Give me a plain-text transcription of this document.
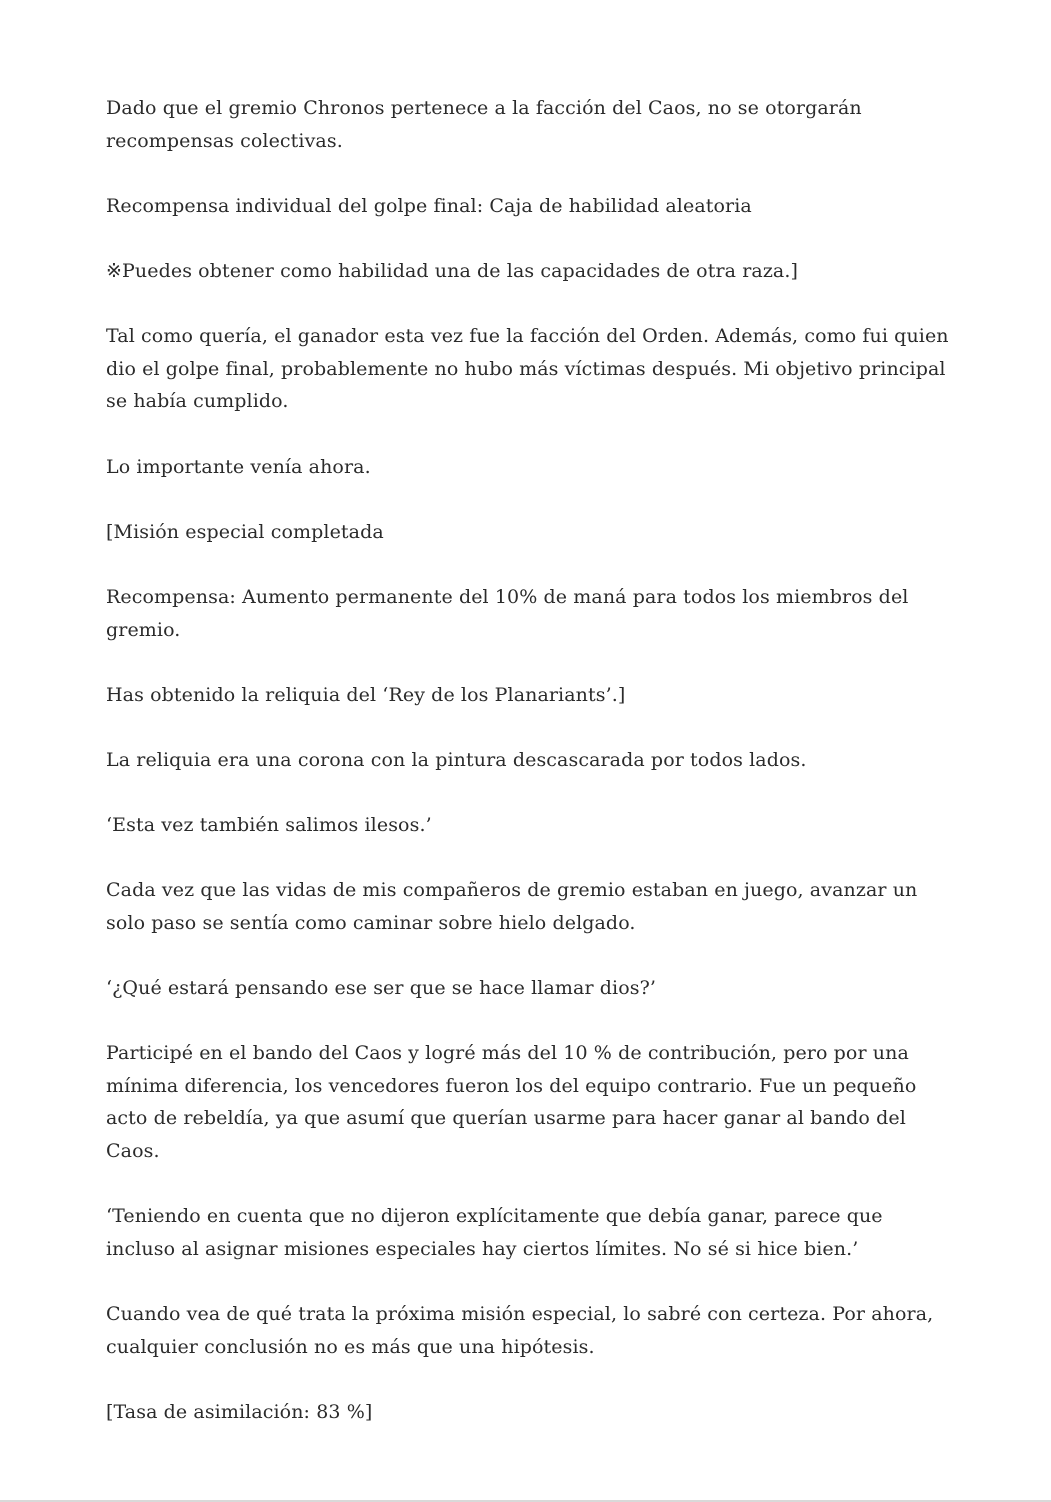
Dado que el gremio Chronos pertenece a la facción del Caos, no se otorgarán recompensas colectivas.

Recompensa individual del golpe final: Caja de habilidad aleatoria

※Puedes obtener como habilidad una de las capacidades de otra raza.]

Tal como quería, el ganador esta vez fue la facción del Orden. Además, como fui quien dio el golpe final, probablemente no hubo más víctimas después. Mi objetivo principal se había cumplido.

Lo importante venía ahora.

[Misión especial completada

Recompensa: Aumento permanente del 10% de maná para todos los miembros del gremio.

Has obtenido la reliquia del ‘Rey de los Planariants’.]

La reliquia era una corona con la pintura descascarada por todos lados.

‘Esta vez también salimos ilesos.’

Cada vez que las vidas de mis compañeros de gremio estaban en juego, avanzar un solo paso se sentía como caminar sobre hielo delgado.

‘¿Qué estará pensando ese ser que se hace llamar dios?’

Participé en el bando del Caos y logré más del 10 % de contribución, pero por una mínima diferencia, los vencedores fueron los del equipo contrario. Fue un pequeño acto de rebeldía, ya que asumí que querían usarme para hacer ganar al bando del Caos.

‘Teniendo en cuenta que no dijeron explícitamente que debía ganar, parece que incluso al asignar misiones especiales hay ciertos límites. No sé si hice bien.’

Cuando vea de qué trata la próxima misión especial, lo sabré con certeza. Por ahora, cualquier conclusión no es más que una hipótesis.

[Tasa de asimilación: 83 %]
